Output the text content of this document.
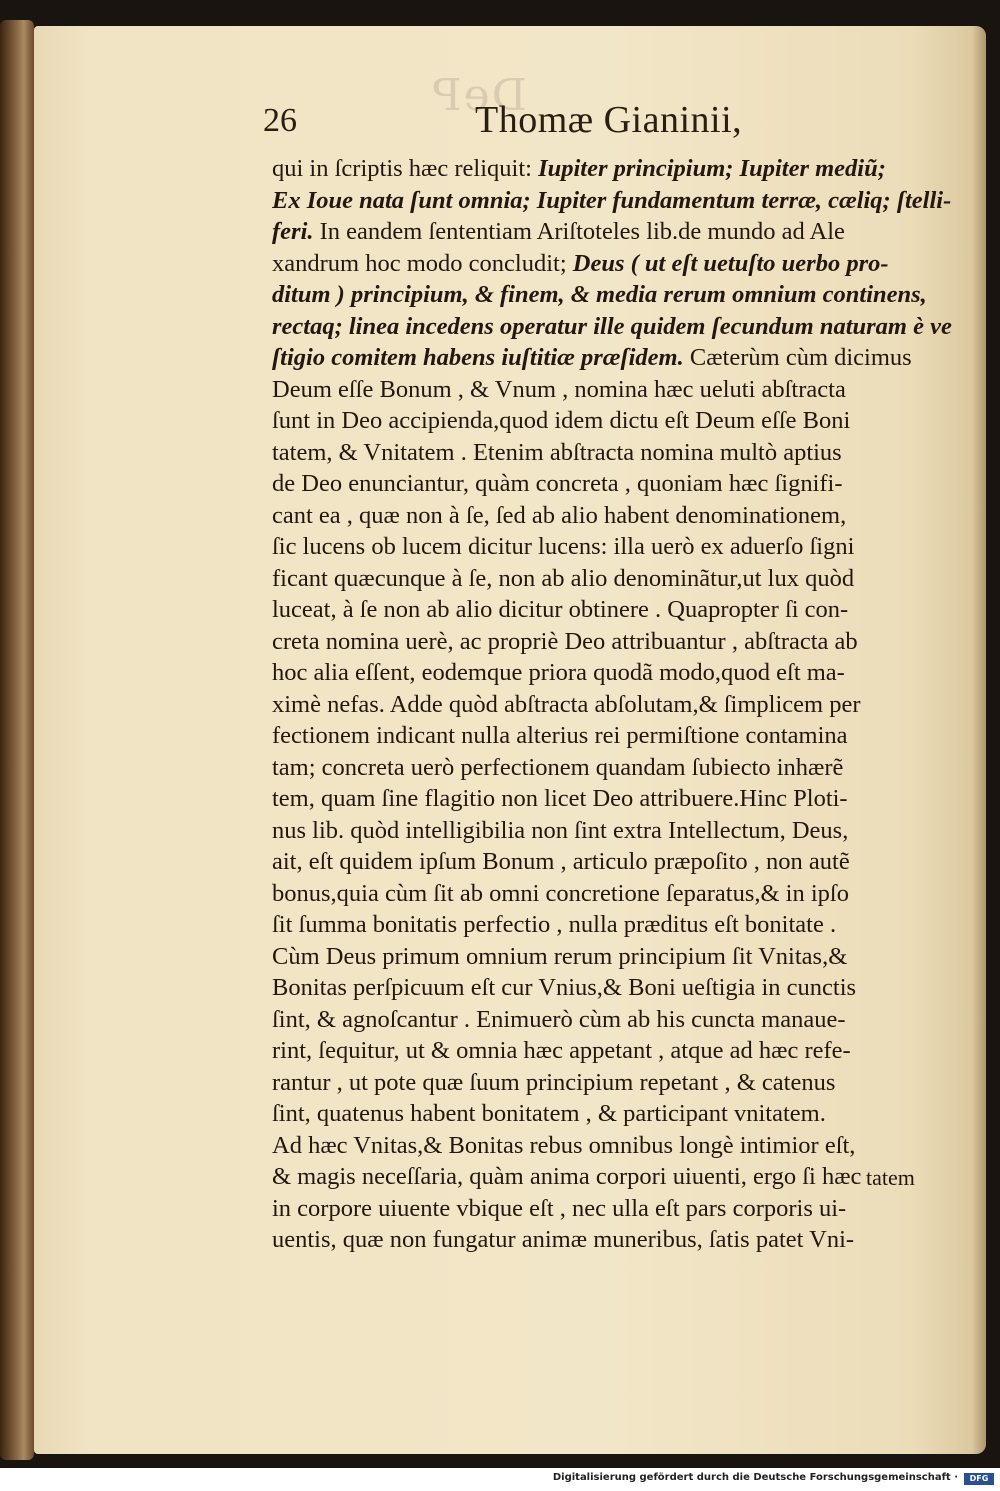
DeP
26	Thomæ Gianinii,
qui in ſcriptis hæc reliquit: Iupiter principium; Iupiter mediũ;
Ex Ioue nata ſunt omnia; Iupiter fundamentum terræ, cæliq; ſtelli-
feri. In eandem ſententiam Ariſtoteles lib.de mundo ad Ale
xandrum hoc modo concludit; Deus ( ut eſt uetuſto uerbo pro-
ditum ) principium, & finem, & media rerum omnium continens,
rectaq; linea incedens operatur ille quidem ſecundum naturam è ve
ſtigio comitem habens iuſtitiæ præſidem. Cæterùm cùm dicimus
Deum eſſe Bonum , & Vnum , nomina hæc ueluti abſtracta
ſunt in Deo accipienda,quod idem dictu eſt Deum eſſe Boni
tatem, & Vnitatem . Etenim abſtracta nomina multò aptius
de Deo enunciantur, quàm concreta , quoniam hæc ſignifi-
cant ea , quæ non à ſe, ſed ab alio habent denominationem,
ſic lucens ob lucem dicitur lucens: illa uerò ex aduerſo ſigni
ficant quæcunque à ſe, non ab alio denominãtur,ut lux quòd
luceat, à ſe non ab alio dicitur obtinere . Quapropter ſi con-
creta nomina uerè, ac propriè Deo attribuantur , abſtracta ab
hoc alia eſſent, eodemque priora quodã modo,quod eſt ma-
ximè nefas. Adde quòd abſtracta abſolutam,& ſimplicem per
fectionem indicant nulla alterius rei permiſtione contamina
tam; concreta uerò perfectionem quandam ſubiecto inhærẽ
tem, quam ſine flagitio non licet Deo attribuere.Hinc Ploti-
nus lib. quòd intelligibilia non ſint extra Intellectum, Deus,
ait, eſt quidem ipſum Bonum , articulo præpoſito , non autẽ
bonus,quia cùm ſit ab omni concretione ſeparatus,& in ipſo
ſit ſumma bonitatis perfectio , nulla præditus eſt bonitate .
Cùm Deus primum omnium rerum principium ſit Vnitas,&
Bonitas perſpicuum eſt cur Vnius,& Boni ueſtigia in cunctis
ſint, & agnoſcantur . Enimuerò cùm ab his cuncta manaue-
rint, ſequitur, ut & omnia hæc appetant , atque ad hæc refe-
rantur , ut pote quæ ſuum principium repetant , & catenus
ſint, quatenus habent bonitatem , & participant vnitatem.
Ad hæc Vnitas,& Bonitas rebus omnibus longè intimior eſt,
& magis neceſſaria, quàm anima corpori uiuenti, ergo ſi hæc
in corpore uiuente vbique eſt , nec ulla eſt pars corporis ui-
uentis, quæ non fungatur animæ muneribus, ſatis patet Vni-
tatem
Digitalisierung gefördert durch die Deutsche Forschungsgemeinschaft ·	DFG
